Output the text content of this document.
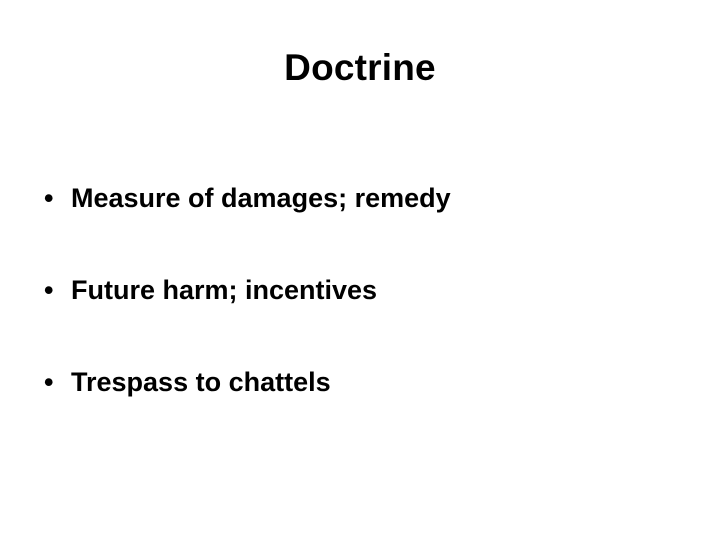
Doctrine
• Measure of damages; remedy
• Future harm; incentives
• Trespass to chattels
